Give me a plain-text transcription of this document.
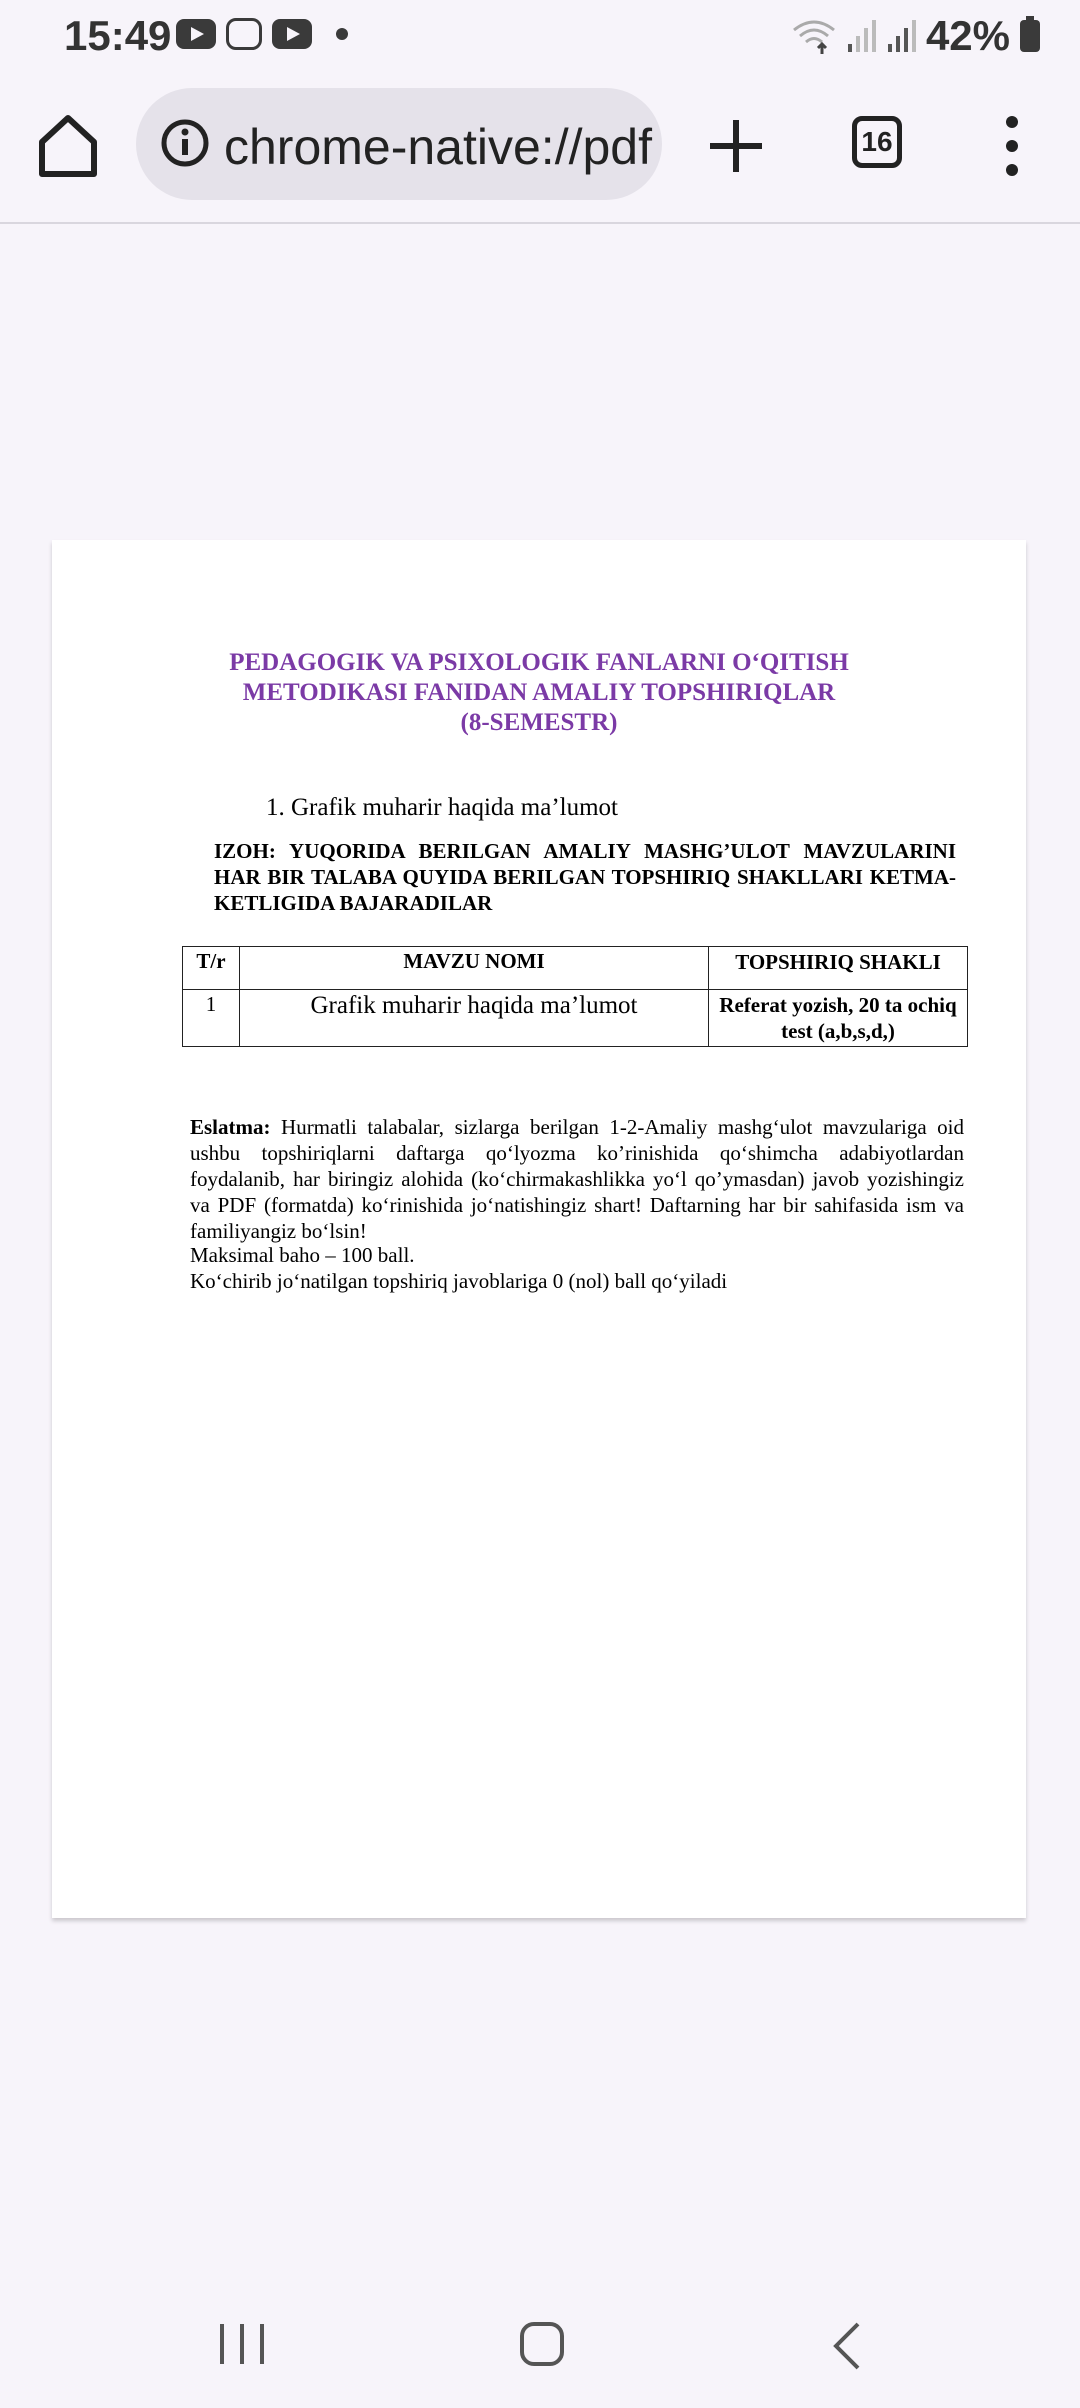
15:49	42%
chrome-native://pdf	16
PEDAGOGIK VA PSIXOLOGIK FANLARNI O‘QITISH
METODIKASI FANIDAN AMALIY TOPSHIRIQLAR
(8-SEMESTR)
1. Grafik muharir haqida ma’lumot
IZOH: YUQORIDA BERILGAN AMALIY MASHG’ULOT MAVZULARINI HAR BIR TALABA QUYIDA BERILGAN TOPSHIRIQ SHAKLLARI KETMA-KETLIGIDA BAJARADILAR
T/r	MAVZU NOMI	TOPSHIRIQ SHAKLI
1	Grafik muharir haqida ma’lumot	Referat yozish, 20 ta ochiq test (a,b,s,d,)
Eslatma: Hurmatli talabalar, sizlarga berilgan 1-2-Amaliy mashg‘ulot mavzulariga oid ushbu topshiriqlarni daftarga qo‘lyozma ko’rinishida qo‘shimcha adabiyotlardan foydalanib, har biringiz alohida (ko‘chirmakashlikka yo‘l qo’ymasdan) javob yozishingiz va PDF (formatda) ko‘rinishida jo‘natishingiz shart! Daftarning har bir sahifasida ism va familiyangiz bo‘lsin!
Maksimal baho – 100 ball.
Ko‘chirib jo‘natilgan topshiriq javoblariga 0 (nol) ball qo‘yiladi
